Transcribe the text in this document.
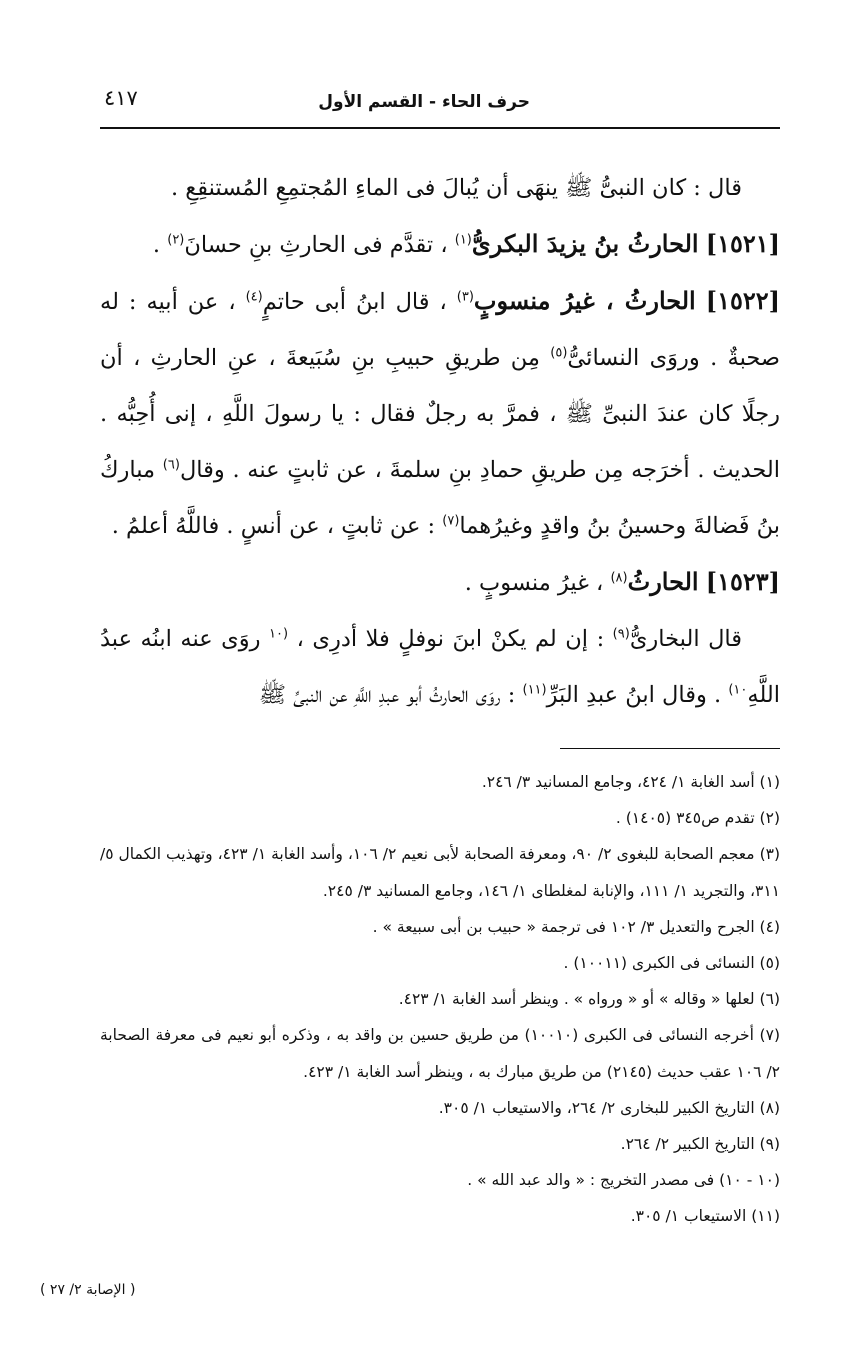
حرف الحاء - القسم الأول
٤١٧

قال : كان النبىُّ ﷺ ينهَى أن يُبالَ فى الماءِ المُجتمِعِ المُستنقِعِ .

[١٥٢١] الحارثُ بنُ يزيدَ البكرىُّ$^{(١)}$ ، تقدَّم فى الحارثِ بنِ حسانَ$^{(٢)}$ .

[١٥٢٢] الحارثُ ، غيرُ منسوبٍ$^{(٣)}$ ، قال ابنُ أبى حاتمٍ$^{(٤)}$ ، عن أبيه : له صحبةٌ . وروَى النسائىُّ$^{(٥)}$ مِن طريقِ حبيبِ بنِ سُبَيعةَ ، عنِ الحارثِ ، أن رجلًا كان عندَ النبىِّ ﷺ ، فمرَّ به رجلٌ فقال : يا رسولَ اللَّهِ ، إنى أُحِبُّه . الحديث . أخرَجه مِن طريقِ حمادِ بنِ سلمةَ ، عن ثابتٍ عنه . وقال$^{(٦)}$ مباركُ بنُ فَضالةَ وحسينُ بنُ واقدٍ وغيرُهما$^{(٧)}$ : عن ثابتٍ ، عن أنسٍ . فاللَّهُ أعلمُ .

[١٥٢٣] الحارثُ$^{(٨)}$ ، غيرُ منسوبٍ .

قال البخارىُّ$^{(٩)}$ : إن لم يكنْ ابنَ نوفلٍ فلا أدرِى ، $^{(١٠}$ روَى عنه ابنُه عبدُ اللَّهِ$^{١٠)}$ . وقال ابنُ عبدِ البَرِّ$^{(١١)}$ : روَى الحارثُ أبو عبدِ اللَّهِ عن النبىِّ ﷺ

(١) أسد الغابة ١/ ٤٢٤، وجامع المسانيد ٣/ ٢٤٦.
(٢) تقدم ص٣٤٥ (١٤٠٥) .
(٣) معجم الصحابة للبغوى ٢/ ٩٠، ومعرفة الصحابة لأبى نعيم ٢/ ١٠٦، وأسد الغابة ١/ ٤٢٣، وتهذيب الكمال ٥/ ٣١١، والتجريد ١/ ١١١، والإنابة لمغلطاى ١/ ١٤٦، وجامع المسانيد ٣/ ٢٤٥.
(٤) الجرح والتعديل ٣/ ١٠٢ فى ترجمة « حبيب بن أبى سبيعة » .
(٥) النسائى فى الكبرى (١٠٠١١) .
(٦) لعلها « وقاله » أو « ورواه » . وينظر أسد الغابة ١/ ٤٢٣.
(٧) أخرجه النسائى فى الكبرى (١٠٠١٠) من طريق حسين بن واقد به ، وذكره أبو نعيم فى معرفة الصحابة ٢/ ١٠٦ عقب حديث (٢١٤٥) من طريق مبارك به ، وينظر أسد الغابة ١/ ٤٢٣.
(٨) التاريخ الكبير للبخارى ٢/ ٢٦٤، والاستيعاب ١/ ٣٠٥.
(٩) التاريخ الكبير ٢/ ٢٦٤.
(١٠ - ١٠) فى مصدر التخريج : « والد عبد الله » .
(١١) الاستيعاب ١/ ٣٠٥.
( الإصابة ٢/ ٢٧ )
